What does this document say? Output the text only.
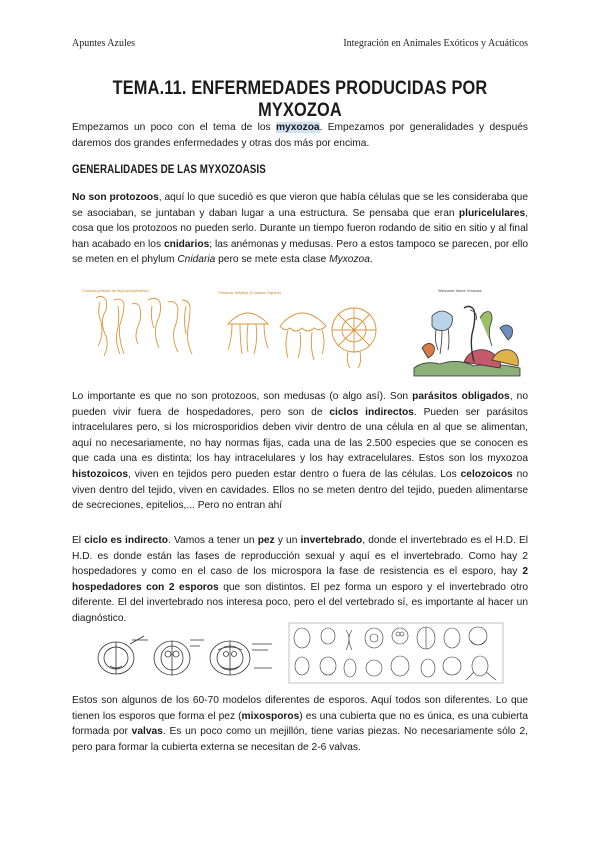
Apuntes Azules	Integración en Animales Exóticos y Acuáticos
TEMA.11. ENFERMEDADES PRODUCIDAS POR MYXOZOA

Empezamos un poco con el tema de los myxozoa. Empezamos por generalidades y después daremos dos grandes enfermedades y otras dos más por encima.

GENERALIDADES DE LAS MYXOZOASIS

No son protozoos, aquí lo que sucedió es que vieron que había células que se les consideraba que se asociaban, se juntaban y daban lugar a una estructura. Se pensaba que eran pluricelulares, cosa que los protozoos no pueden serlo. Durante un tiempo fueron rodando de sitio en sitio y al final han acabado en los cnidarios; las anémonas y medusas. Pero a estos tampoco se parecen, por ello se meten en el phylum Cnidaria pero se mete esta clase Myxozoa.

Cnidaria (fossils de Myxozoo/jellyfish)	Cnidaria Jellyfish (Cnidaria Taporis)	Welcome home Vmozoa

Lo importante es que no son protozoos, son medusas (o algo así). Son parásitos obligados, no pueden vivir fuera de hospedadores, pero son de ciclos indirectos. Pueden ser parásitos intracelulares pero, si los microsporidios deben vivir dentro de una célula en al que se alimentan, aquí no necesariamente, no hay normas fijas, cada una de las 2.500 especies que se conocen es que cada una es distinta; los hay intracelulares y los hay extracelulares. Estos son los myxozoa histozoicos, viven en tejidos pero pueden estar dentro o fuera de las células. Los celozoicos no viven dentro del tejido, viven en cavidades. Ellos no se meten dentro del tejido, pueden alimentarse de secreciones, epitelios,... Pero no entran ahí

El ciclo es indirecto. Vamos a tener un pez y un invertebrado, donde el invertebrado es el H.D. El H.D. es donde están las fases de reproducción sexual y aquí es el invertebrado. Como hay 2 hospedadores y como en el caso de los microspora la fase de resistencia es el esporo, hay 2 hospedadores con 2 esporos que son distintos. El pez forma un esporo y el invertebrado otro diferente. El del invertebrado nos interesa poco, pero el del vertebrado sí, es importante al hacer un diagnóstico.

Estos son algunos de los 60-70 modelos diferentes de esporos. Aquí todos son diferentes. Lo que tienen los esporos que forma el pez (mixosporos) es una cubierta que no es única, es una cubierta formada por valvas. Es un poco como un mejillón, tiene varias piezas. No necesariamente sólo 2, pero para formar la cubierta externa se necesitan de 2-6 valvas.
